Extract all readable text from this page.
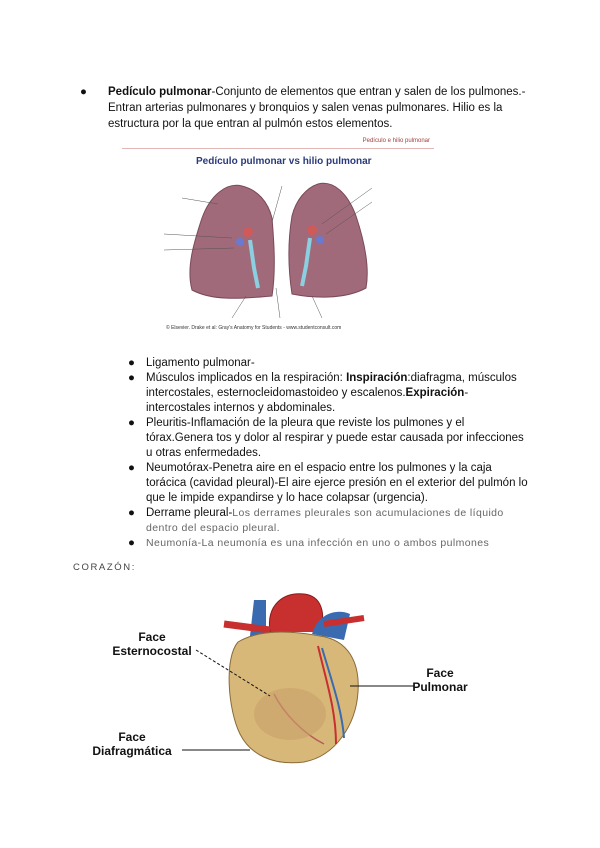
● Pedículo pulmonar-Conjunto de elementos que entran y salen de los pulmones.- Entran arterias pulmonares y bronquios y salen venas pulmonares. Hilio es la estructura por la que entran al pulmón estos elementos.
Pedículo e hilio pulmonar
Pedículo pulmonar vs hilio pulmonar
© Elsevier. Drake et al: Gray's Anatomy for Students - www.studentconsult.com
● Ligamento pulmonar-
● Músculos implicados en la respiración: Inspiración:diafragma, músculos intercostales, esternocleidomastoideo y escalenos.Expiración-intercostales internos y abdominales.
● Pleuritis-Inflamación de la pleura que reviste los pulmones y el tórax.Genera tos y dolor al respirar y puede estar causada por infecciones u otras enfermedades.
● Neumotórax-Penetra aire en el espacio entre los pulmones y la caja torácica (cavidad pleural)-El aire ejerce presión en el exterior del pulmón lo que le impide expandirse y lo hace colapsar (urgencia).
● Derrame pleural-Los derrames pleurales son acumulaciones de líquido dentro del espacio pleural.
● Neumonía-La neumonía es una infección en uno o ambos pulmones
CORAZÓN:
Face
Esternocostal
Face
Pulmonar
Face
Diafragmática
